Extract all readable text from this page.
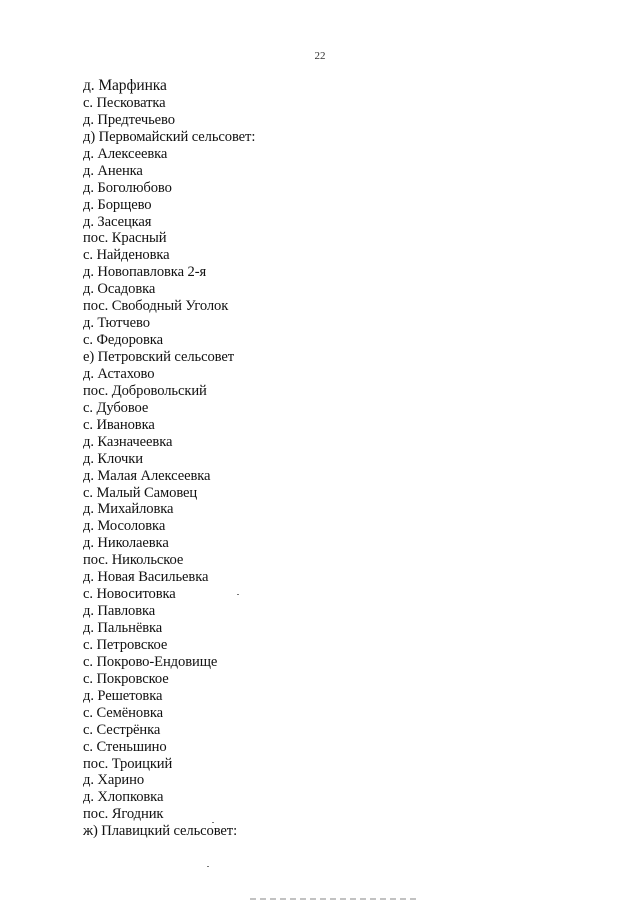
22
д. Марфинка
с. Песковатка
д. Предтечьево
д) Первомайский сельсовет:
д. Алексеевка
д. Аненка
д. Боголюбово
д. Борщево
д. Засецкая
пос. Красный
с. Найденовка
д. Новопавловка 2-я
д. Осадовка
пос. Свободный Уголок
д. Тютчево
с. Федоровка
е) Петровский сельсовет
д. Астахово
пос. Добровольский
с. Дубовое
с. Ивановка
д. Казначеевка
д. Клочки
д. Малая Алексеевка
с. Малый Самовец
д. Михайловка
д. Мосоловка
д. Николаевка
пос. Никольское
д. Новая Васильевка
с. Новоситовка
д. Павловка
д. Пальнёвка
с. Петровское
с. Покрово-Ендовище
с. Покровское
д. Решетовка
с. Семёновка
с. Сестрёнка
с. Стеньшино
пос. Троицкий
д. Харино
д. Хлопковка
пос. Ягодник
ж) Плавицкий сельсовет:
